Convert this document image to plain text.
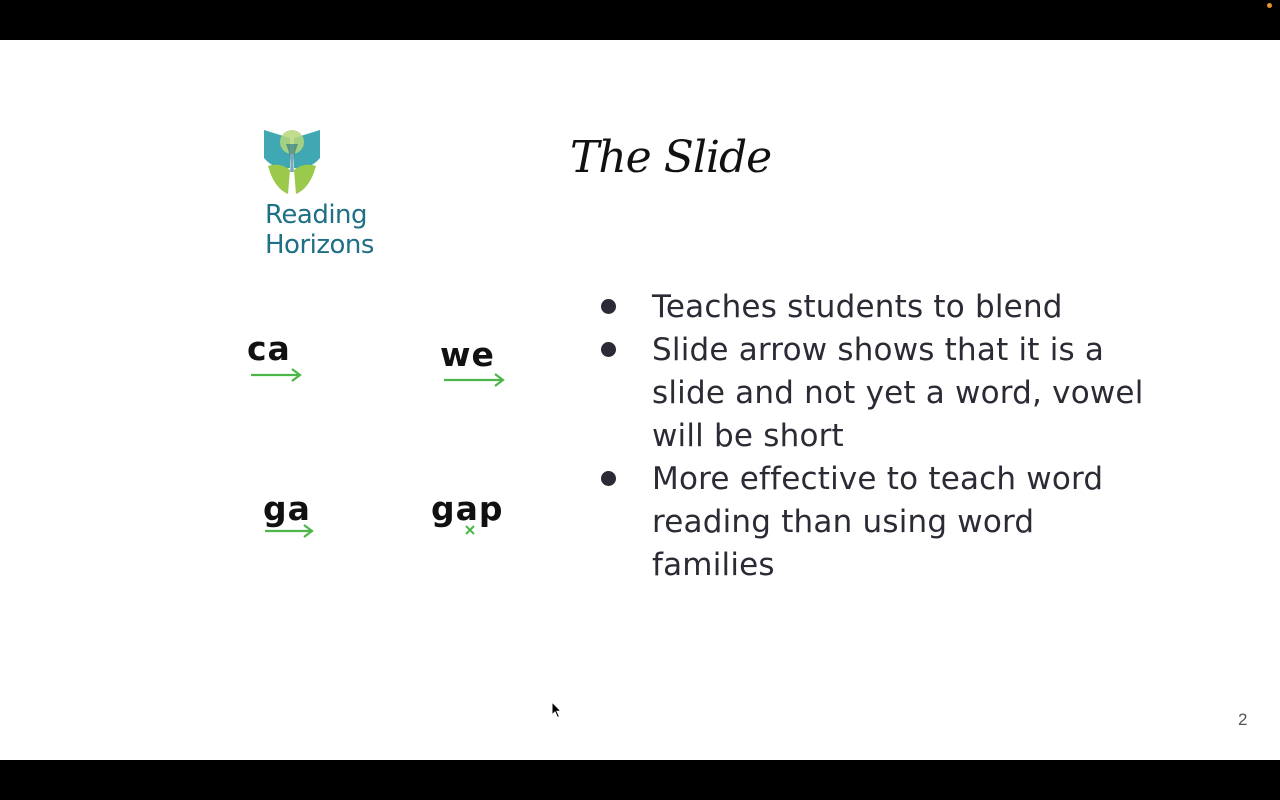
Reading
Horizons
The Slide
ca	we
ga	gap
Teaches students to blend
Slide arrow shows that it is a slide and not yet a word, vowel will be short
More effective to teach word reading than using word families
2
